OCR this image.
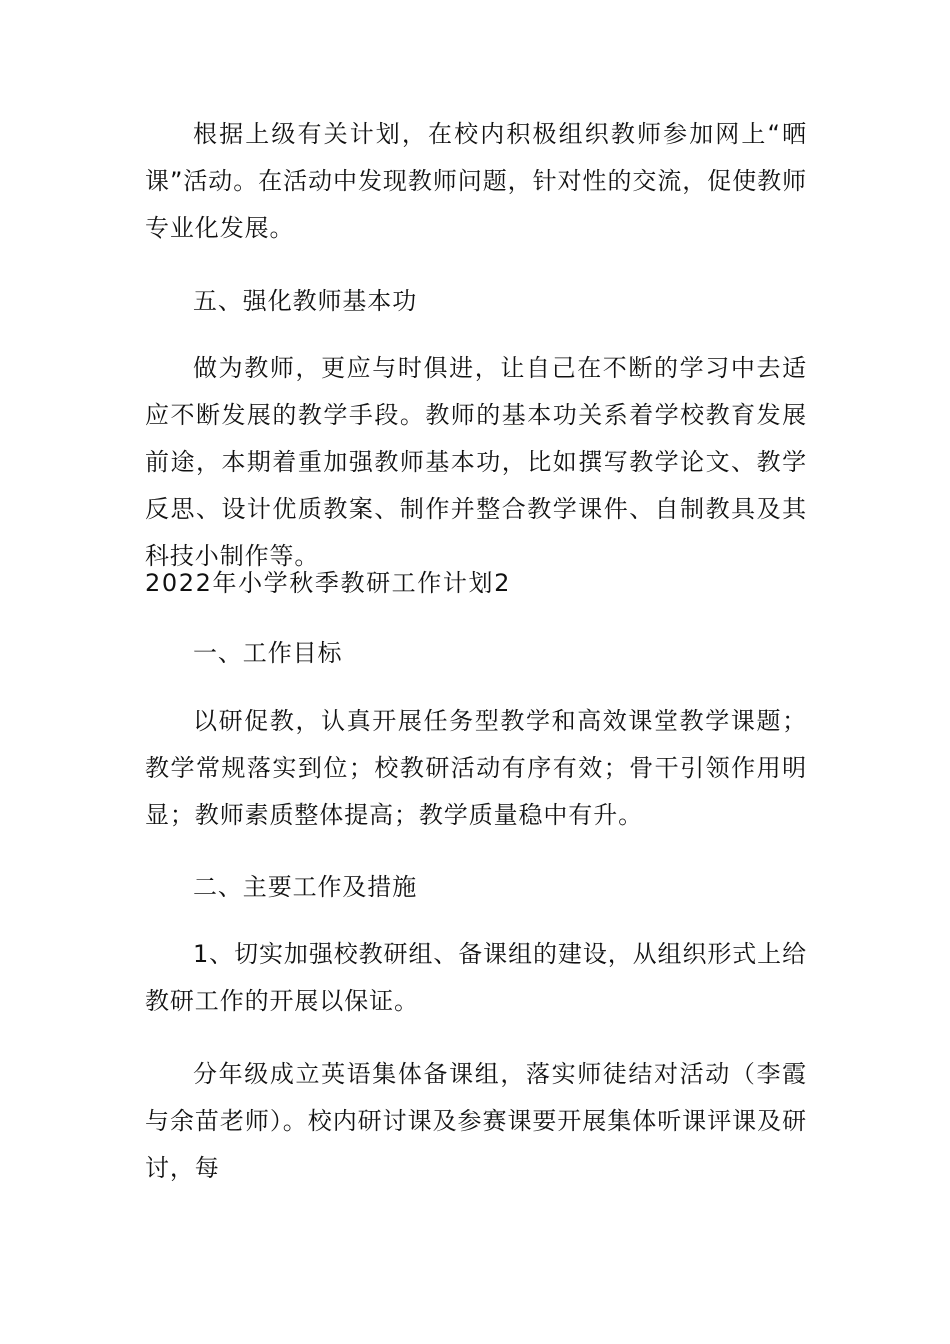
根据上级有关计划，在校内积极组织教师参加网上“晒课”活动。在活动中发现教师问题，针对性的交流，促使教师专业化发展。

五、强化教师基本功

做为教师，更应与时俱进，让自己在不断的学习中去适应不断发展的教学手段。教师的基本功关系着学校教育发展前途，本期着重加强教师基本功，比如撰写教学论文、教学反思、设计优质教案、制作并整合教学课件、自制教具及其科技小制作等。

2022年小学秋季教研工作计划2

一、工作目标

以研促教，认真开展任务型教学和高效课堂教学课题；教学常规落实到位；校教研活动有序有效；骨干引领作用明显；教师素质整体提高；教学质量稳中有升。

二、主要工作及措施

1、切实加强校教研组、备课组的建设，从组织形式上给教研工作的开展以保证。

分年级成立英语集体备课组，落实师徒结对活动（李霞与余苗老师）。校内研讨课及参赛课要开展集体听课评课及研讨，每
